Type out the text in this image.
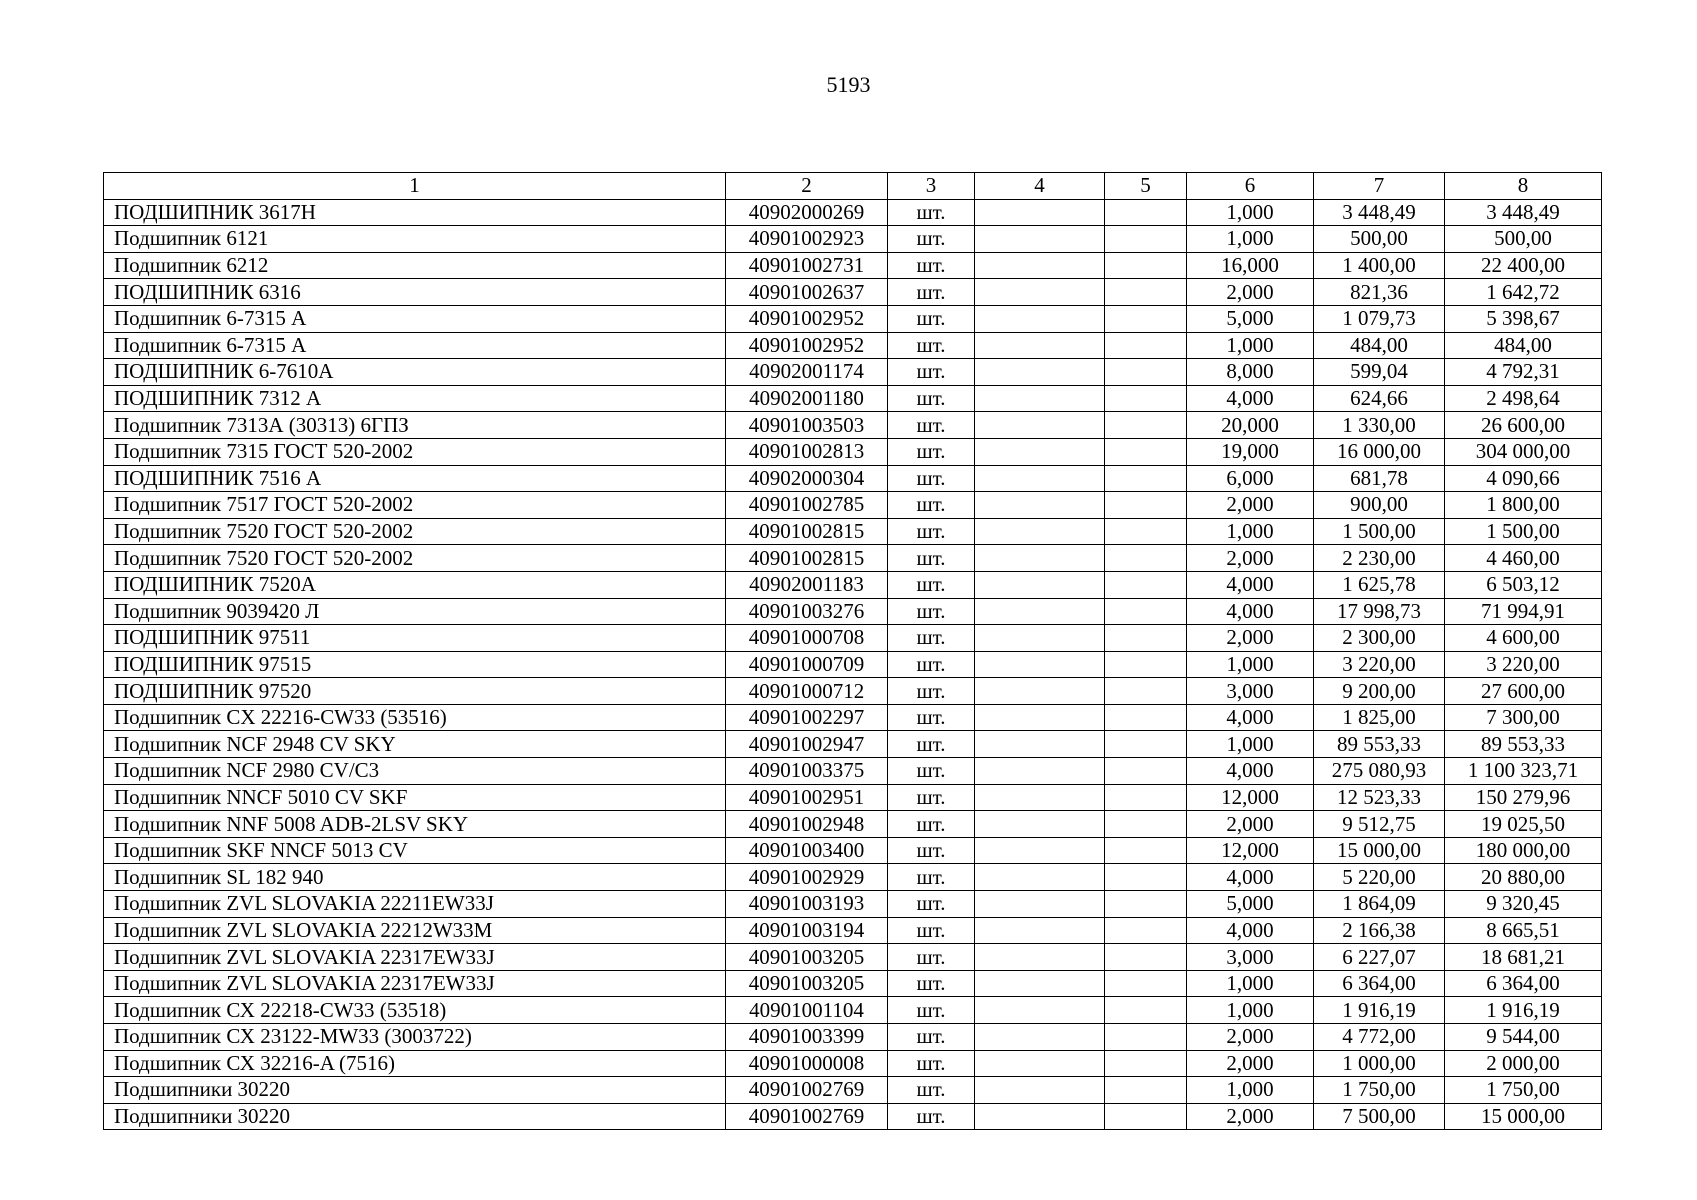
5193
1	2	3	4	5	6	7	8
ПОДШИПНИК 3617Н	40902000269	шт.			1,000	3 448,49	3 448,49
Подшипник 6121	40901002923	шт.			1,000	500,00	500,00
Подшипник 6212	40901002731	шт.			16,000	1 400,00	22 400,00
ПОДШИПНИК 6316	40901002637	шт.			2,000	821,36	1 642,72
Подшипник 6-7315 А	40901002952	шт.			5,000	1 079,73	5 398,67
Подшипник 6-7315 А	40901002952	шт.			1,000	484,00	484,00
ПОДШИПНИК 6-7610А	40902001174	шт.			8,000	599,04	4 792,31
ПОДШИПНИК 7312 А	40902001180	шт.			4,000	624,66	2 498,64
Подшипник 7313А (30313) 6ГПЗ	40901003503	шт.			20,000	1 330,00	26 600,00
Подшипник 7315 ГОСТ 520-2002	40901002813	шт.			19,000	16 000,00	304 000,00
ПОДШИПНИК 7516 А	40902000304	шт.			6,000	681,78	4 090,66
Подшипник 7517 ГОСТ 520-2002	40901002785	шт.			2,000	900,00	1 800,00
Подшипник 7520 ГОСТ 520-2002	40901002815	шт.			1,000	1 500,00	1 500,00
Подшипник 7520 ГОСТ 520-2002	40901002815	шт.			2,000	2 230,00	4 460,00
ПОДШИПНИК 7520А	40902001183	шт.			4,000	1 625,78	6 503,12
Подшипник 9039420 Л	40901003276	шт.			4,000	17 998,73	71 994,91
ПОДШИПНИК 97511	40901000708	шт.			2,000	2 300,00	4 600,00
ПОДШИПНИК 97515	40901000709	шт.			1,000	3 220,00	3 220,00
ПОДШИПНИК 97520	40901000712	шт.			3,000	9 200,00	27 600,00
Подшипник CX 22216-CW33 (53516)	40901002297	шт.			4,000	1 825,00	7 300,00
Подшипник NCF 2948 CV SKY	40901002947	шт.			1,000	89 553,33	89 553,33
Подшипник NCF 2980 CV/C3	40901003375	шт.			4,000	275 080,93	1 100 323,71
Подшипник NNCF 5010 CV SKF	40901002951	шт.			12,000	12 523,33	150 279,96
Подшипник NNF 5008 ADB-2LSV SKY	40901002948	шт.			2,000	9 512,75	19 025,50
Подшипник SKF NNCF 5013 CV	40901003400	шт.			12,000	15 000,00	180 000,00
Подшипник SL 182 940	40901002929	шт.			4,000	5 220,00	20 880,00
Подшипник ZVL SLOVAKIA 22211EW33J	40901003193	шт.			5,000	1 864,09	9 320,45
Подшипник ZVL SLOVAKIA 22212W33M	40901003194	шт.			4,000	2 166,38	8 665,51
Подшипник ZVL SLOVAKIA 22317EW33J	40901003205	шт.			3,000	6 227,07	18 681,21
Подшипник ZVL SLOVAKIA 22317EW33J	40901003205	шт.			1,000	6 364,00	6 364,00
Подшипник СХ 22218-CW33 (53518)	40901001104	шт.			1,000	1 916,19	1 916,19
Подшипник СХ 23122-MW33 (3003722)	40901003399	шт.			2,000	4 772,00	9 544,00
Подшипник СХ 32216-A (7516)	40901000008	шт.			2,000	1 000,00	2 000,00
Подшипники 30220	40901002769	шт.			1,000	1 750,00	1 750,00
Подшипники 30220	40901002769	шт.			2,000	7 500,00	15 000,00
